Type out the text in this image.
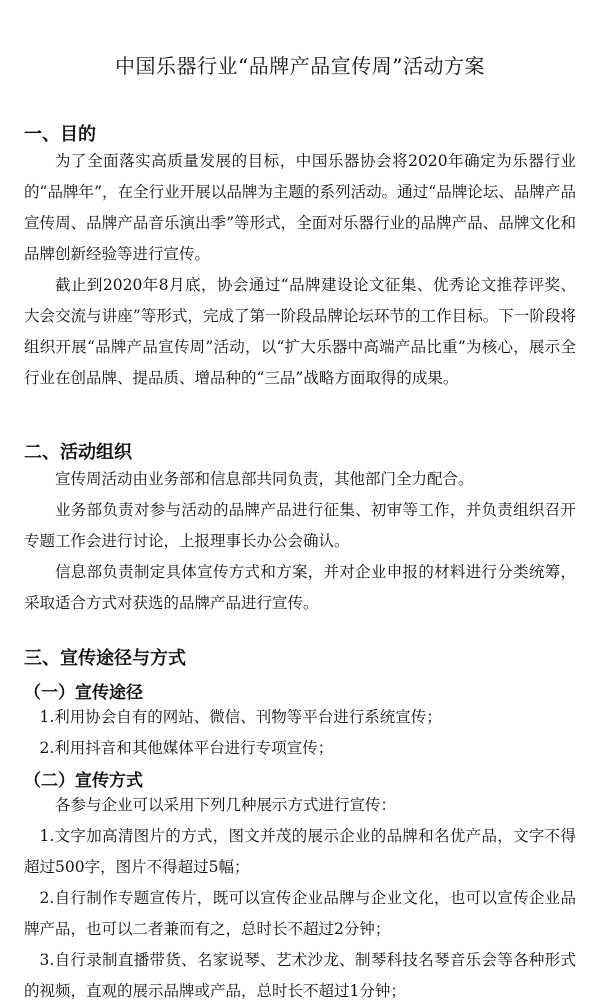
中国乐器行业“品牌产品宣传周”活动方案
一、目的
为了全面落实高质量发展的目标，中国乐器协会将2020年确定为乐器行业的“品牌年”，在全行业开展以品牌为主题的系列活动。通过“品牌论坛、品牌产品宣传周、品牌产品音乐演出季”等形式，全面对乐器行业的品牌产品、品牌文化和品牌创新经验等进行宣传。
截止到2020年8月底，协会通过“品牌建设论文征集、优秀论文推荐评奖、大会交流与讲座”等形式，完成了第一阶段品牌论坛环节的工作目标。下一阶段将组织开展“品牌产品宣传周”活动，以“扩大乐器中高端产品比重”为核心，展示全行业在创品牌、提品质、增品种的“三品”战略方面取得的成果。
二、活动组织
宣传周活动由业务部和信息部共同负责，其他部门全力配合。
业务部负责对参与活动的品牌产品进行征集、初审等工作，并负责组织召开专题工作会进行讨论，上报理事长办公会确认。
信息部负责制定具体宣传方式和方案，并对企业申报的材料进行分类统筹，采取适合方式对获选的品牌产品进行宣传。
三、宣传途径与方式
（一）宣传途径
1.利用协会自有的网站、微信、刊物等平台进行系统宣传；
2.利用抖音和其他媒体平台进行专项宣传；
（二）宣传方式
各参与企业可以采用下列几种展示方式进行宣传：
1.文字加高清图片的方式，图文并茂的展示企业的品牌和名优产品，文字不得超过500字，图片不得超过5幅；
2.自行制作专题宣传片，既可以宣传企业品牌与企业文化，也可以宣传企业品牌产品，也可以二者兼而有之，总时长不超过2分钟；
3.自行录制直播带货、名家说琴、艺术沙龙、制琴科技名琴音乐会等各种形式的视频，直观的展示品牌或产品，总时长不超过1分钟；
